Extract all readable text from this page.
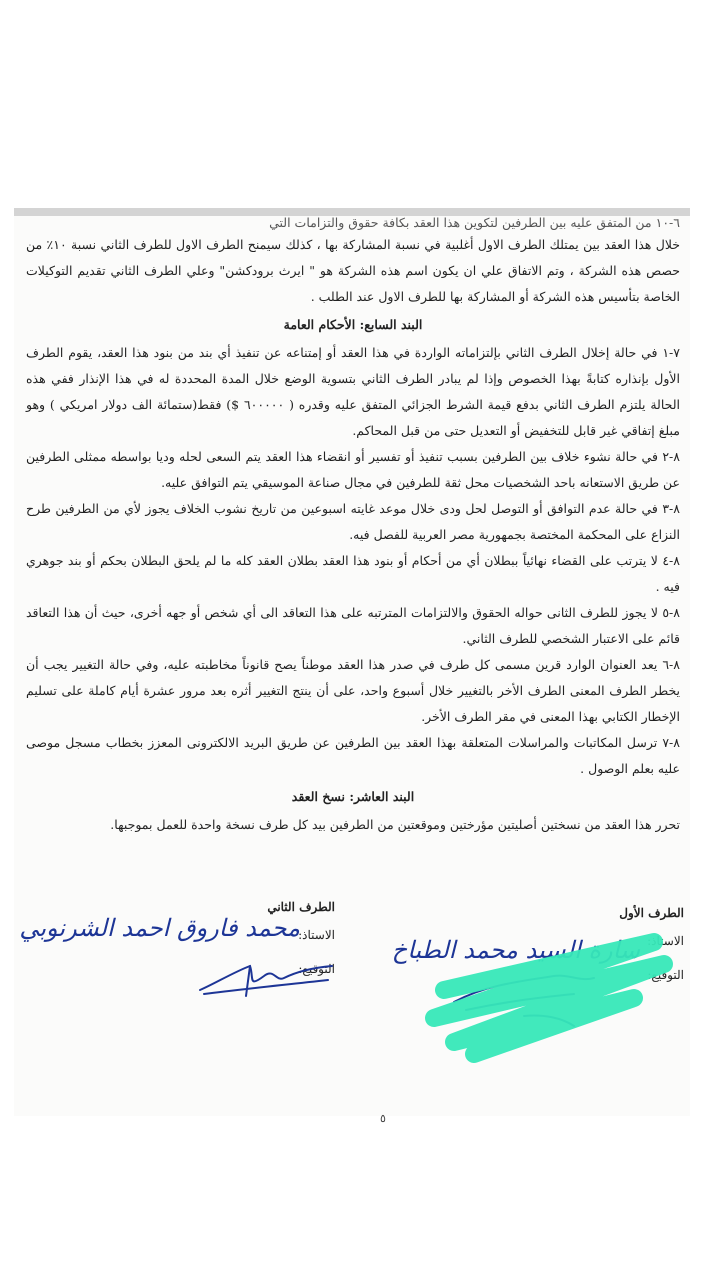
٦-١٠ من المتفق عليه بين الطرفين لتكوين هذا العقد بكافة حقوق والتزامات التي

خلال هذا العقد بين يمتلك الطرف الاول أغلبية في نسبة المشاركة بها ، كذلك سيمنح الطرف الاول للطرف الثاني نسبة ١٠٪ من حصص هذه الشركة ، وتم الاتفاق علي ان يكون اسم هذه الشركة هو " ايرث برودكشن" وعلي الطرف الثاني تقديم التوكيلات الخاصة بتأسيس هذه الشركة أو المشاركة بها للطرف الاول عند الطلب .

البند السابع: الأحكام العامة

٧-١ في حالة إخلال الطرف الثاني بإلتزاماته الواردة في هذا العقد أو إمتناعه عن تنفيذ أي بند من بنود هذا العقد، يقوم الطرف الأول بإنذاره كتابةً بهذا الخصوص وإذا لم يبادر الطرف الثاني بتسوية الوضع خلال المدة المحددة له في هذا الإنذار ففي هذه الحالة يلتزم الطرف الثاني بدفع قيمة الشرط الجزائي المتفق عليه وقدره ( ٦٠٠٠٠٠ $) فقط(ستمائة الف دولار امريكي ) وهو مبلغ إتفاقي غير قابل للتخفيض أو التعديل حتى من قبل المحاكم.

٨-٢ في حالة نشوء خلاف بين الطرفين بسبب تنفيذ أو تفسير أو انقضاء هذا العقد يتم السعى لحله وديا بواسطه ممثلى الطرفين عن طريق الاستعانه باحد الشخصيات محل ثقة للطرفين في مجال صناعة الموسيقي يتم التوافق عليه.

٨-٣ في حالة عدم التوافق أو التوصل لحل ودى خلال موعد غايته اسبوعين من تاريخ نشوب الخلاف يجوز لأي من الطرفين طرح النزاع على المحكمة المختصة بجمهورية مصر العربية للفصل فيه.

٨-٤ لا يترتب على القضاء نهائياً ببطلان أي من أحكام أو بنود هذا العقد بطلان العقد كله ما لم يلحق البطلان بحكم أو بند جوهري فيه .

٨-٥ لا يجوز للطرف الثانى حواله الحقوق والالتزامات المترتبه على هذا التعاقد الى أي شخص أو جهه أخرى، حيث أن هذا التعاقد قائم على الاعتبار الشخصي للطرف الثاني.

٨-٦ يعد العنوان الوارد قرين مسمى كل طرف في صدر هذا العقد موطناً يصح قانوناً مخاطبته عليه، وفي حالة التغيير يجب أن يخطر الطرف المعنى الطرف الأخر بالتغيير خلال أسبوع واحد، على أن ينتج التغيير أثره بعد مرور عشرة أيام كاملة على تسليم الإخطار الكتابي بهذا المعنى في مقر الطرف الأخر.

٨-٧ ترسل المكاتبات والمراسلات المتعلقة بهذا العقد بين الطرفين عن طريق البريد الالكترونى المعزز بخطاب مسجل موصى عليه بعلم الوصول .

البند العاشر: نسخ العقد

تحرر هذا العقد من نسختين أصليتين مؤرختين وموقعتين من الطرفين بيد كل طرف نسخة واحدة للعمل بموجبها.

الطرف الأول
الاستاذ:
التوقيع:
الطرف الثاني
الاستاذ:
التوقيع:
محمد فاروق احمد الشرنوبي
سارة السيد محمد الطباخ
٥
